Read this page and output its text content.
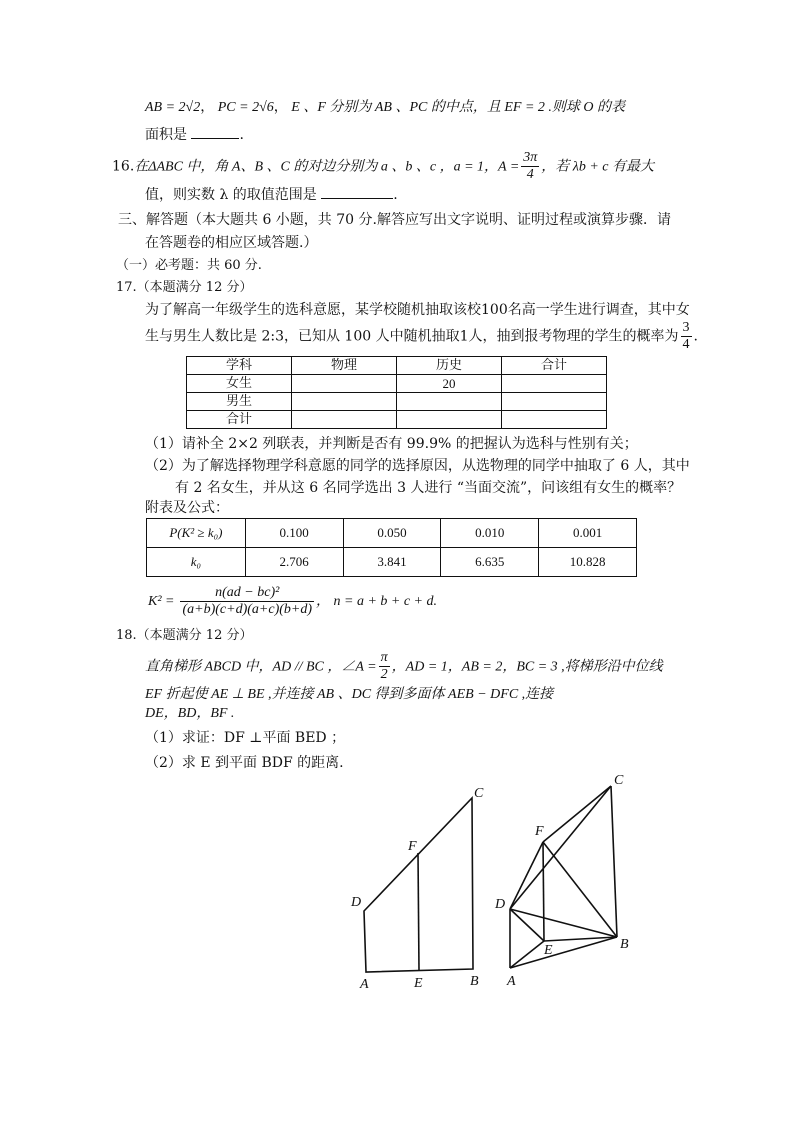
AB = 2√2， PC = 2√6， E 、F 分别为 AB 、PC 的中点，且 EF = 2 .则球 O 的表
面积是	.
16.在ΔABC 中，角 A、B 、C 的对边分别为 a 、b 、c ，a = 1，$A = \frac{3\pi}{4}$ ，若 λb + c 有最大
值，则实数 λ 的取值范围是	.
三、解答题（本大题共 6 小题，共 70 分.解答应写出文字说明、证明过程或演算步骤．请
在答题卷的相应区域答题.）
（一）必考题：共 60 分.
17.（本题满分 12 分）
为了解高一年级学生的选科意愿，某学校随机抽取该校100名高一学生进行调查，其中女
生与男生人数比是 2:3，已知从 100 人中随机抽取1人，抽到报考物理的学生的概率为 $\frac{3}{4}$ .
学科	物理	历史	合计
女生		20	
男生			
合计			
（1）请补全 2×2 列联表，并判断是否有 99.9% 的把握认为选科与性别有关；
（2）为了解选择物理学科意愿的同学的选择原因，从选物理的同学中抽取了 6 人，其中
有 2 名女生，并从这 6 名同学选出 3 人进行 “当面交流”，问该组有女生的概率？
附表及公式：
P(K² ≥ k₀)	0.100	0.050	0.010	0.001
k₀	2.706	3.841	6.635	10.828
$K^2 = \frac{\text{n(ad − bc)²}}{(a+b)(c+d)(a+c)(b+d)}$ ， n = a + b + c + d.
18.（本题满分 12 分）
直角梯形 ABCD 中，AD // BC ，∠A = $\frac{\pi}{2}$ ，AD = 1，AB = 2，BC = 3 ,将梯形沿中位线
EF 折起使 AE ⊥ BE ,并连接 AB 、DC 得到多面体 AEB − DFC ,连接
DE，BD，BF .
（1）求证：DF ⊥平面 BED ；
（2）求 E 到平面 BDF 的距离.
C
F
D
A	E	B
C
F
D
E	B
A
